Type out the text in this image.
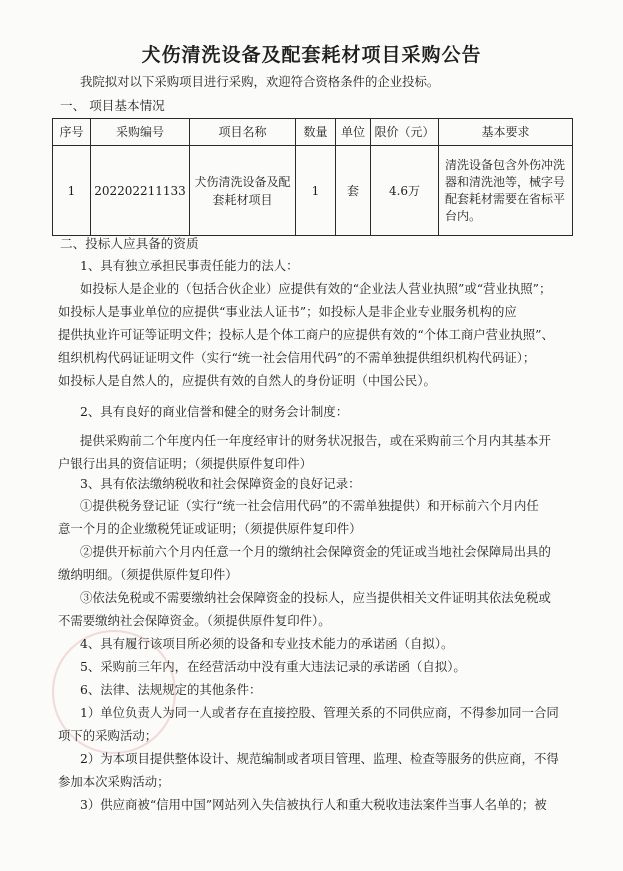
犬伤清洗设备及配套耗材项目采购公告
我院拟对以下采购项目进行采购，欢迎符合资格条件的企业投标。
一、 项目基本情况
序号	采购编号	项目名称	数量	单位	限价（元）	基本要求
1	202202211133	犬伤清洗设备及配套耗材项目	1	套	4.6万	清洗设备包含外伤冲洗器和清洗池等，械字号配套耗材需要在省标平台内。
二、投标人应具备的资质
1、具有独立承担民事责任能力的法人：
如投标人是企业的（包括合伙企业）应提供有效的“企业法人营业执照”或“营业执照”；
如投标人是事业单位的应提供“事业法人证书”；如投标人是非企业专业服务机构的应
提供执业许可证等证明文件；投标人是个体工商户的应提供有效的“个体工商户营业执照”、
组织机构代码证证明文件（实行“统一社会信用代码”的不需单独提供组织机构代码证）；
如投标人是自然人的，应提供有效的自然人的身份证明（中国公民）。
2、具有良好的商业信誉和健全的财务会计制度：
提供采购前二个年度内任一年度经审计的财务状况报告，或在采购前三个月内其基本开
户银行出具的资信证明；（须提供原件复印件）
3、具有依法缴纳税收和社会保障资金的良好记录：
①提供税务登记证（实行“统一社会信用代码”的不需单独提供）和开标前六个月内任
意一个月的企业缴税凭证或证明；（须提供原件复印件）
②提供开标前六个月内任意一个月的缴纳社会保障资金的凭证或当地社会保障局出具的
缴纳明细。（须提供原件复印件）
③依法免税或不需要缴纳社会保障资金的投标人，应当提供相关文件证明其依法免税或
不需要缴纳社会保障资金。（须提供原件复印件）。
4、具有履行该项目所必须的设备和专业技术能力的承诺函（自拟）。
5、采购前三年内，在经营活动中没有重大违法记录的承诺函（自拟）。
6、法律、法规规定的其他条件：
1）单位负责人为同一人或者存在直接控股、管理关系的不同供应商，不得参加同一合同
项下的采购活动；
2）为本项目提供整体设计、规范编制或者项目管理、监理、检查等服务的供应商，不得
参加本次采购活动；
3）供应商被“信用中国”网站列入失信被执行人和重大税收违法案件当事人名单的；被
